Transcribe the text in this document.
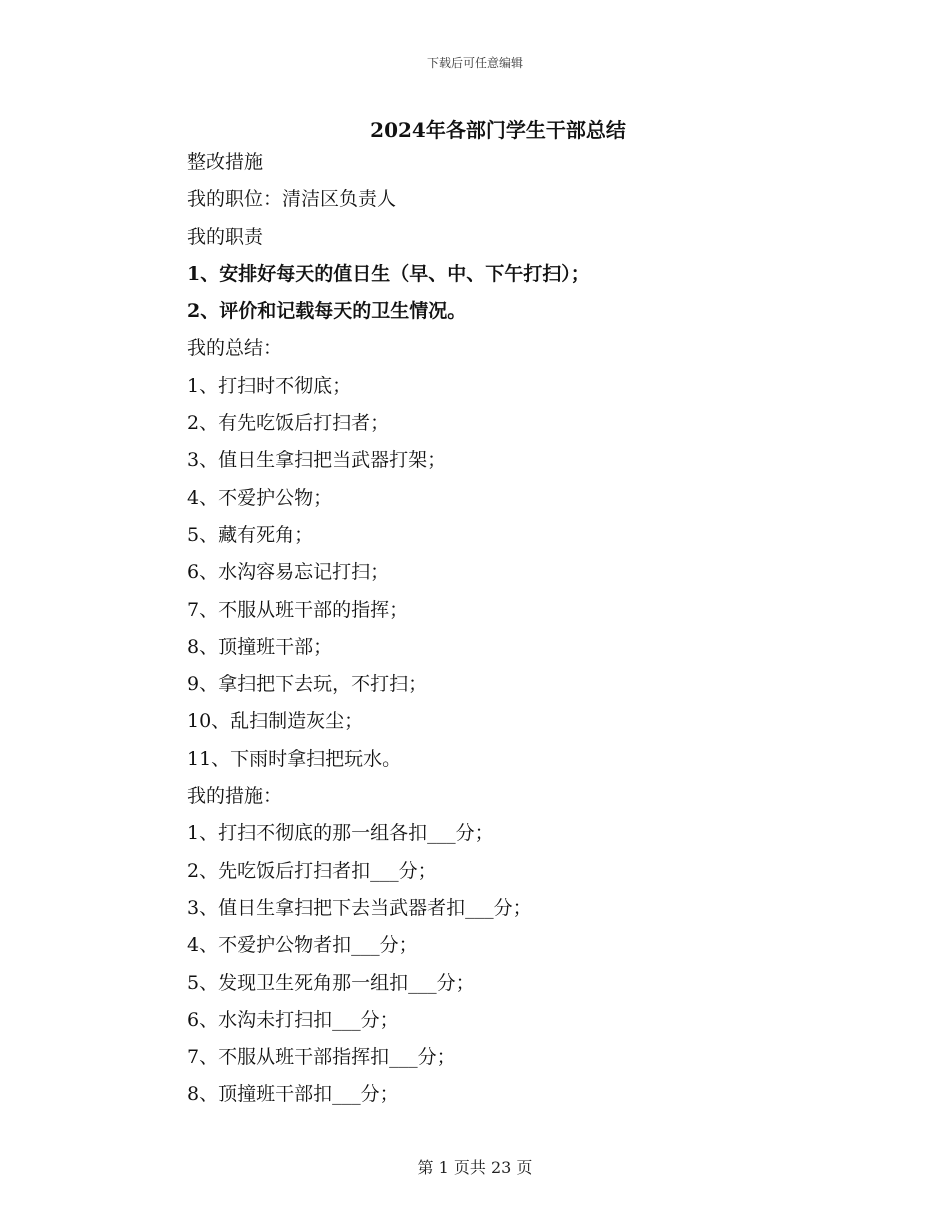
下载后可任意编辑
2024年各部门学生干部总结
整改措施
我的职位：清洁区负责人
我的职责
1、安排好每天的值日生（早、中、下午打扫）；
2、评价和记载每天的卫生情况。
我的总结：
1、打扫时不彻底；
2、有先吃饭后打扫者；
3、值日生拿扫把当武器打架；
4、不爱护公物；
5、藏有死角；
6、水沟容易忘记打扫；
7、不服从班干部的指挥；
8、顶撞班干部；
9、拿扫把下去玩，不打扫；
10、乱扫制造灰尘；
11、下雨时拿扫把玩水。
我的措施：
1、打扫不彻底的那一组各扣___分；
2、先吃饭后打扫者扣___分；
3、值日生拿扫把下去当武器者扣___分；
4、不爱护公物者扣___分；
5、发现卫生死角那一组扣___分；
6、水沟未打扫扣___分；
7、不服从班干部指挥扣___分；
8、顶撞班干部扣___分；
第 1 页共 23 页
